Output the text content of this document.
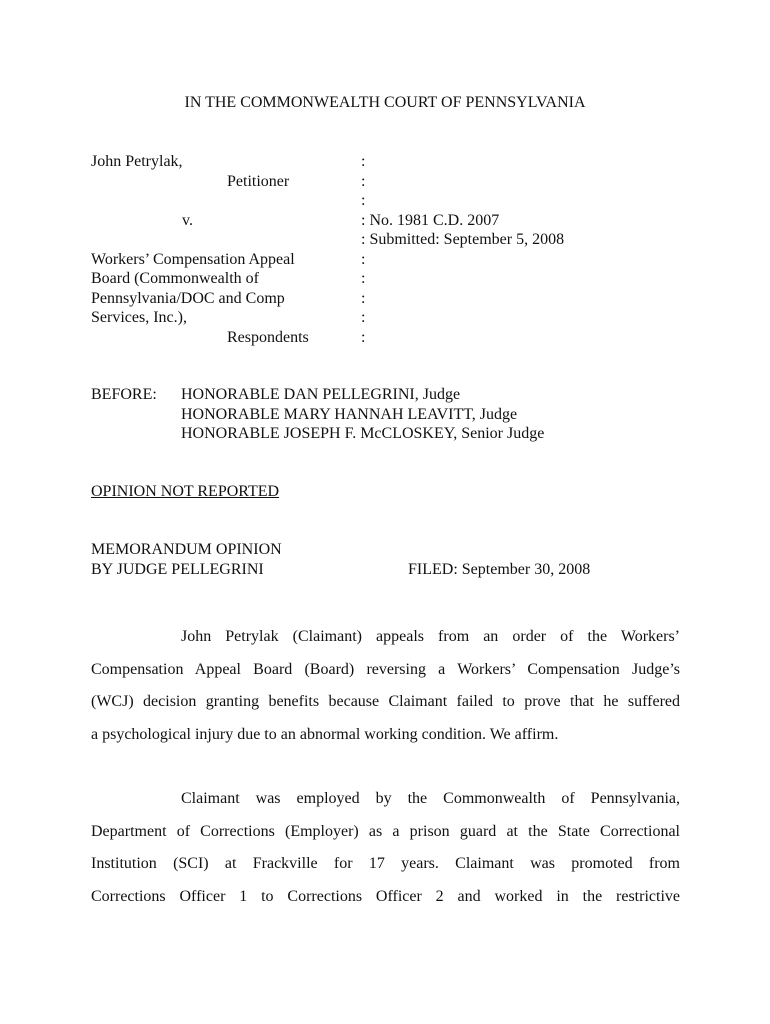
IN THE COMMONWEALTH COURT OF PENNSYLVANIA
John Petrylak,
Petitioner
v.
Workers’ Compensation Appeal
Board (Commonwealth of
Pennsylvania/DOC and Comp
Services, Inc.),
Respondents
:
:
:
: No. 1981 C.D. 2007
: Submitted: September 5, 2008
:
:
:
:
:
BEFORE: HONORABLE DAN PELLEGRINI, Judge
HONORABLE MARY HANNAH LEAVITT, Judge
HONORABLE JOSEPH F. McCLOSKEY, Senior Judge
OPINION NOT REPORTED
MEMORANDUM OPINION
BY JUDGE PELLEGRINI	FILED: September 30, 2008
John Petrylak (Claimant) appeals from an order of the Workers’
Compensation Appeal Board (Board) reversing a Workers’ Compensation Judge’s
(WCJ) decision granting benefits because Claimant failed to prove that he suffered
a psychological injury due to an abnormal working condition. We affirm.
Claimant was employed by the Commonwealth of Pennsylvania,
Department of Corrections (Employer) as a prison guard at the State Correctional
Institution (SCI) at Frackville for 17 years. Claimant was promoted from
Corrections Officer 1 to Corrections Officer 2 and worked in the restrictive
